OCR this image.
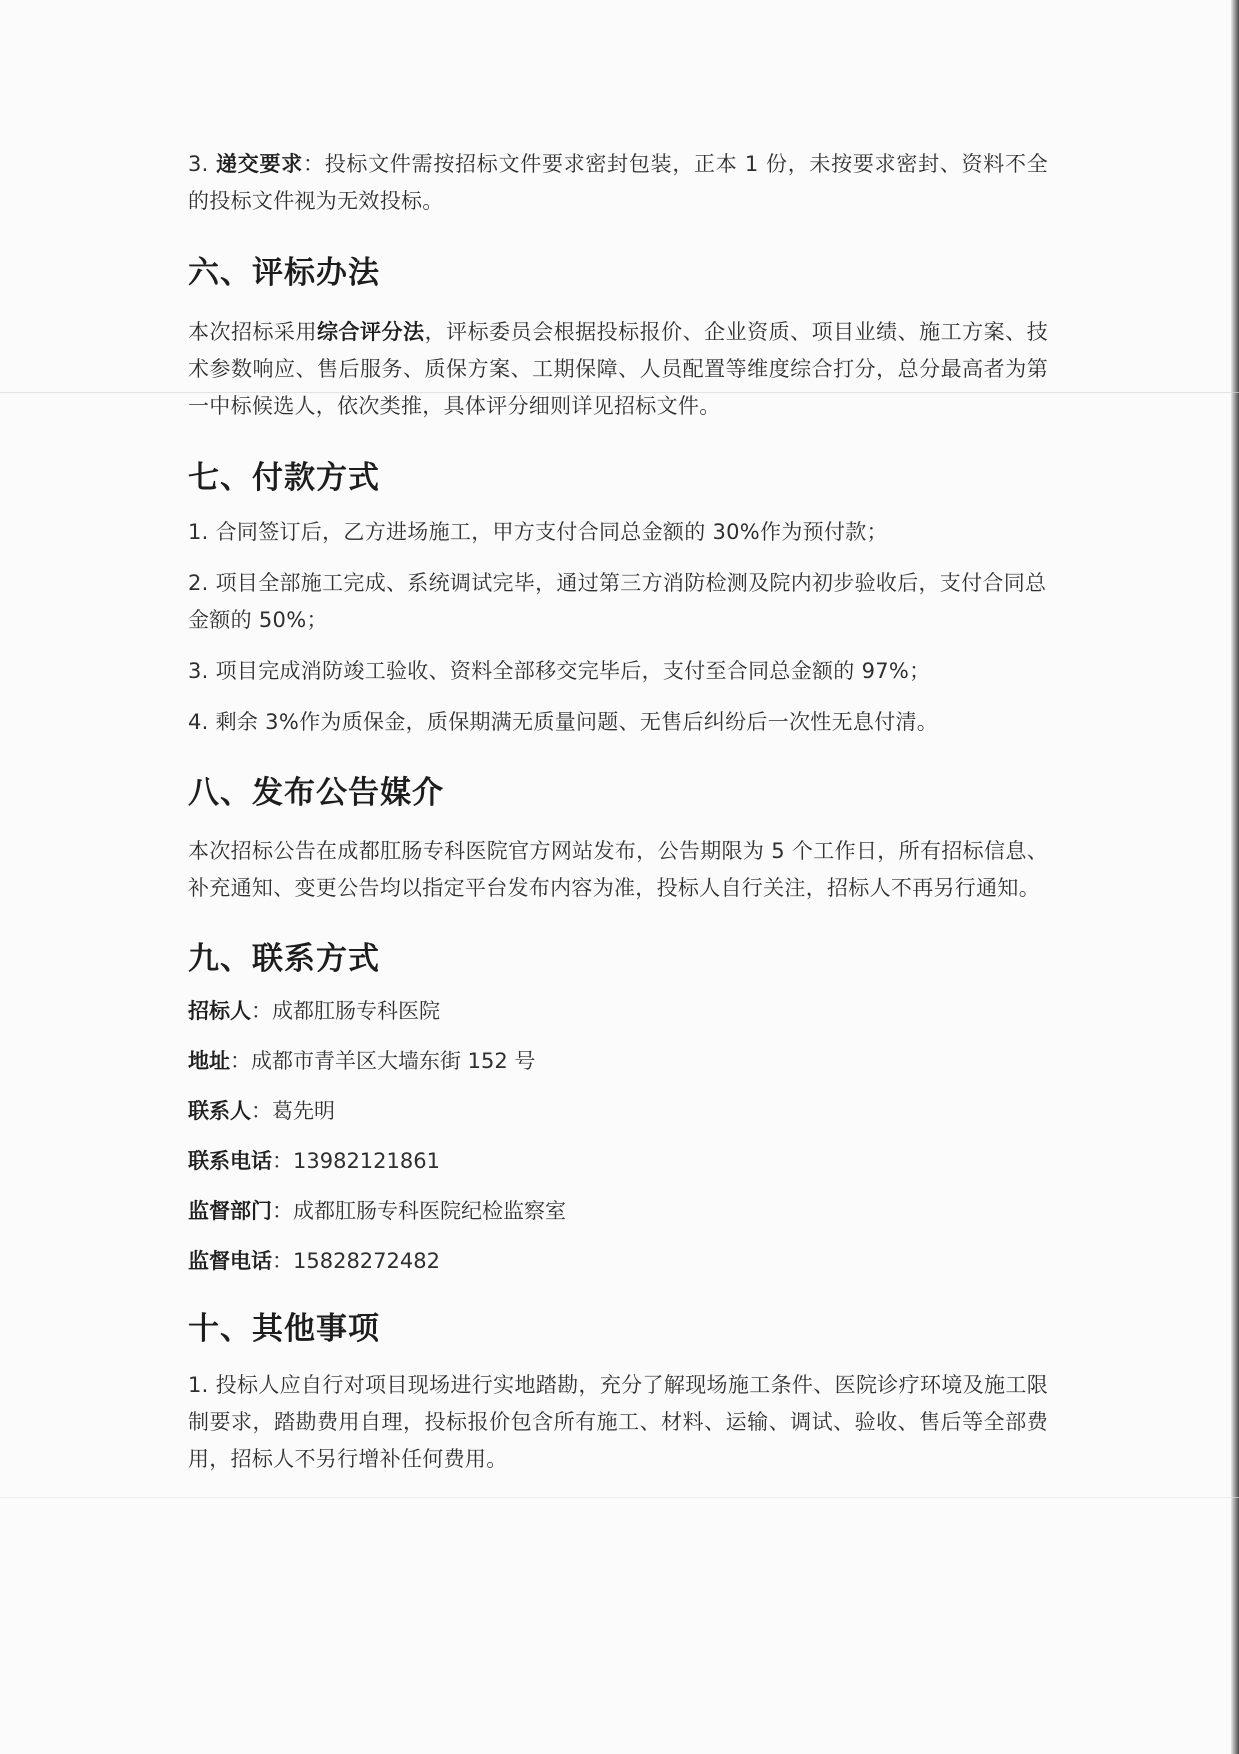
3. 递交要求：投标文件需按招标文件要求密封包装，正本 1 份，未按要求密封、资料不全的投标文件视为无效投标。

六、评标办法

本次招标采用综合评分法，评标委员会根据投标报价、企业资质、项目业绩、施工方案、技术参数响应、售后服务、质保方案、工期保障、人员配置等维度综合打分，总分最高者为第一中标候选人，依次类推，具体评分细则详见招标文件。

七、付款方式

1. 合同签订后，乙方进场施工，甲方支付合同总金额的 30%作为预付款；

2. 项目全部施工完成、系统调试完毕，通过第三方消防检测及院内初步验收后，支付合同总金额的 50%；

3. 项目完成消防竣工验收、资料全部移交完毕后，支付至合同总金额的 97%；

4. 剩余 3%作为质保金，质保期满无质量问题、无售后纠纷后一次性无息付清。

八、发布公告媒介

本次招标公告在成都肛肠专科医院官方网站发布，公告期限为 5 个工作日，所有招标信息、补充通知、变更公告均以指定平台发布内容为准，投标人自行关注，招标人不再另行通知。

九、联系方式

招标人：成都肛肠专科医院

地址：成都市青羊区大墙东街 152 号

联系人：葛先明

联系电话：13982121861

监督部门：成都肛肠专科医院纪检监察室

监督电话：15828272482

十、其他事项

1. 投标人应自行对项目现场进行实地踏勘，充分了解现场施工条件、医院诊疗环境及施工限制要求，踏勘费用自理，投标报价包含所有施工、材料、运输、调试、验收、售后等全部费用，招标人不另行增补任何费用。
